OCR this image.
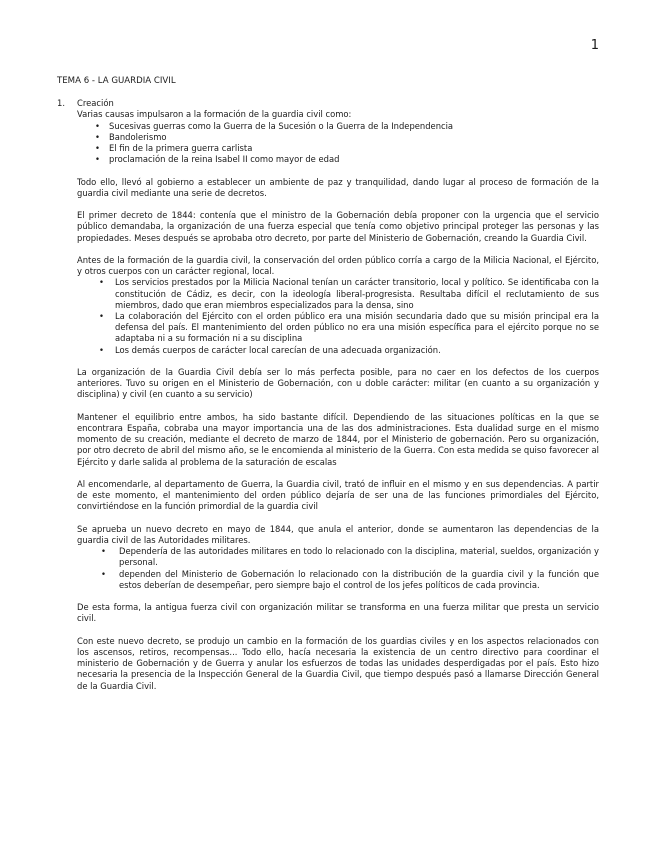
1
TEMA 6 - LA GUARDIA CIVIL
1.	Creación

Varias causas impulsaron a la formación de la guardia civil como:

• Sucesivas guerras como la Guerra de la Sucesión o la Guerra de la Independencia
• Bandolerismo
• El fin de la primera guerra carlista
• proclamación de la reina Isabel II como mayor de edad

Todo ello, llevó al gobierno a establecer un ambiente de paz y tranquilidad, dando lugar al proceso de formación de la guardia civil mediante una serie de decretos.

El primer decreto de 1844: contenía que el ministro de la Gobernación debía proponer con la urgencia que el servicio público demandaba, la organización de una fuerza especial que tenía como objetivo principal proteger las personas y las propiedades. Meses después se aprobaba otro decreto, por parte del Ministerio de Gobernación, creando la Guardia Civil.

Antes de la formación de la guardia civil, la conservación del orden público corría a cargo de la Milicia Nacional, el Ejército, y otros cuerpos con un carácter regional, local.

• Los servicios prestados por la Milicia Nacional tenían un carácter transitorio, local y político. Se identificaba con la constitución de Cádiz, es decir, con la ideología liberal-progresista. Resultaba difícil el reclutamiento de sus miembros, dado que eran miembros especializados para la densa, sino
• La colaboración del Ejército con el orden público era una misión secundaria dado que su misión principal era la defensa del país. El mantenimiento del orden público no era una misión específica para el ejército porque no se adaptaba ni a su formación ni a su disciplina
• Los demás cuerpos de carácter local carecían de una adecuada organización.

La organización de la Guardia Civil debía ser lo más perfecta posible, para no caer en los defectos de los cuerpos anteriores. Tuvo su origen en el Ministerio de Gobernación, con u doble carácter: militar (en cuanto a su organización y disciplina) y civil (en cuanto a su servicio)

Mantener el equilibrio entre ambos, ha sido bastante difícil. Dependiendo de las situaciones políticas en la que se encontrara España, cobraba una mayor importancia una de las dos administraciones. Esta dualidad surge en el mismo momento de su creación, mediante el decreto de marzo de 1844, por el Ministerio de gobernación. Pero su organización, por otro decreto de abril del mismo año, se le encomienda al ministerio de la Guerra. Con esta medida se quiso favorecer al Ejército y darle salida al problema de la saturación de escalas

Al encomendarle, al departamento de Guerra, la Guardia civil, trató de influir en el mismo y en sus dependencias. A partir de este momento, el mantenimiento del orden público dejaría de ser una de las funciones primordiales del Ejército, convirtiéndose en la función primordial de la guardia civil

Se aprueba un nuevo decreto en mayo de 1844, que anula el anterior, donde se aumentaron las dependencias de la guardia civil de las Autoridades militares.

• Dependería de las autoridades militares en todo lo relacionado con la disciplina, material, sueldos, organización y personal.
• dependen del Ministerio de Gobernación lo relacionado con la distribución de la guardia civil y la función que estos deberían de desempeñar, pero siempre bajo el control de los jefes políticos de cada provincia.

De esta forma, la antigua fuerza civil con organización militar se transforma en una fuerza militar que presta un servicio civil.

Con este nuevo decreto, se produjo un cambio en la formación de los guardias civiles y en los aspectos relacionados con los ascensos, retiros, recompensas... Todo ello, hacía necesaria la existencia de un centro directivo para coordinar el ministerio de Gobernación y de Guerra y anular los esfuerzos de todas las unidades desperdigadas por el país. Esto hizo necesaria la presencia de la Inspección General de la Guardia Civil, que tiempo después pasó a llamarse Dirección General de la Guardia Civil.
